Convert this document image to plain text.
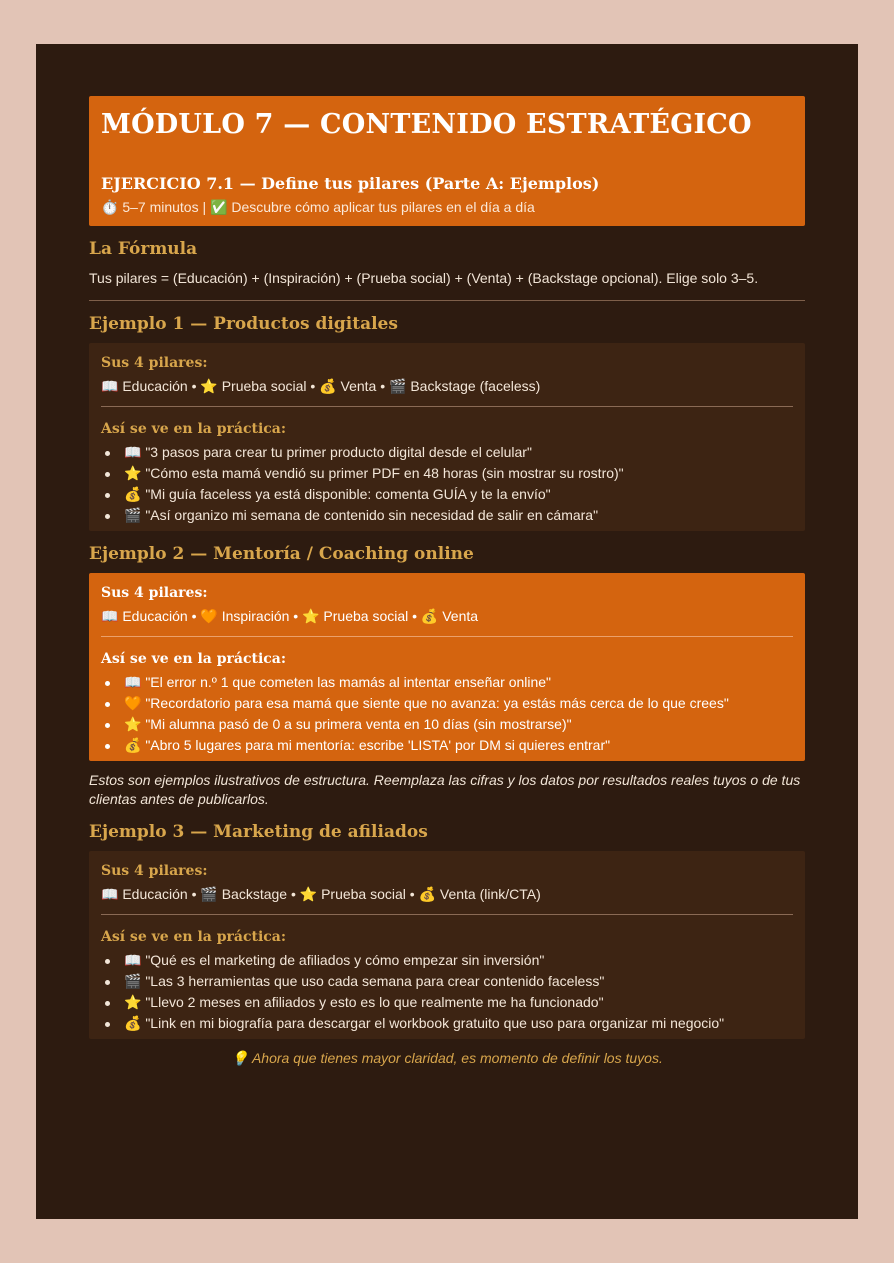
MÓDULO 7 — CONTENIDO ESTRATÉGICO
EJERCICIO 7.1 — Define tus pilares (Parte A: Ejemplos)
⏱️ 5–7 minutos | ✅ Descubre cómo aplicar tus pilares en el día a día
La Fórmula

Tus pilares = (Educación) + (Inspiración) + (Prueba social) + (Venta) + (Backstage opcional). Elige solo 3–5.

Ejemplo 1 — Productos digitales
Sus 4 pilares:
📖 Educación • ⭐ Prueba social • 💰 Venta • 🎬 Backstage (faceless)
Así se ve en la práctica:
📖 "3 pasos para crear tu primer producto digital desde el celular"
⭐ "Cómo esta mamá vendió su primer PDF en 48 horas (sin mostrar su rostro)"
💰 "Mi guía faceless ya está disponible: comenta GUÍA y te la envío"
🎬 "Así organizo mi semana de contenido sin necesidad de salir en cámara"
Ejemplo 2 — Mentoría / Coaching online
Sus 4 pilares:
📖 Educación • 🧡 Inspiración • ⭐ Prueba social • 💰 Venta
Así se ve en la práctica:
📖 "El error n.º 1 que cometen las mamás al intentar enseñar online"
🧡 "Recordatorio para esa mamá que siente que no avanza: ya estás más cerca de lo que crees"
⭐ "Mi alumna pasó de 0 a su primera venta en 10 días (sin mostrarse)"
💰 "Abro 5 lugares para mi mentoría: escribe 'LISTA' por DM si quieres entrar"

Estos son ejemplos ilustrativos de estructura. Reemplaza las cifras y los datos por resultados reales tuyos o de tus clientas antes de publicarlos.

Ejemplo 3 — Marketing de afiliados
Sus 4 pilares:
📖 Educación • 🎬 Backstage • ⭐ Prueba social • 💰 Venta (link/CTA)
Así se ve en la práctica:
📖 "Qué es el marketing de afiliados y cómo empezar sin inversión"
🎬 "Las 3 herramientas que uso cada semana para crear contenido faceless"
⭐ "Llevo 2 meses en afiliados y esto es lo que realmente me ha funcionado"
💰 "Link en mi biografía para descargar el workbook gratuito que uso para organizar mi negocio"
💡 Ahora que tienes mayor claridad, es momento de definir los tuyos.
